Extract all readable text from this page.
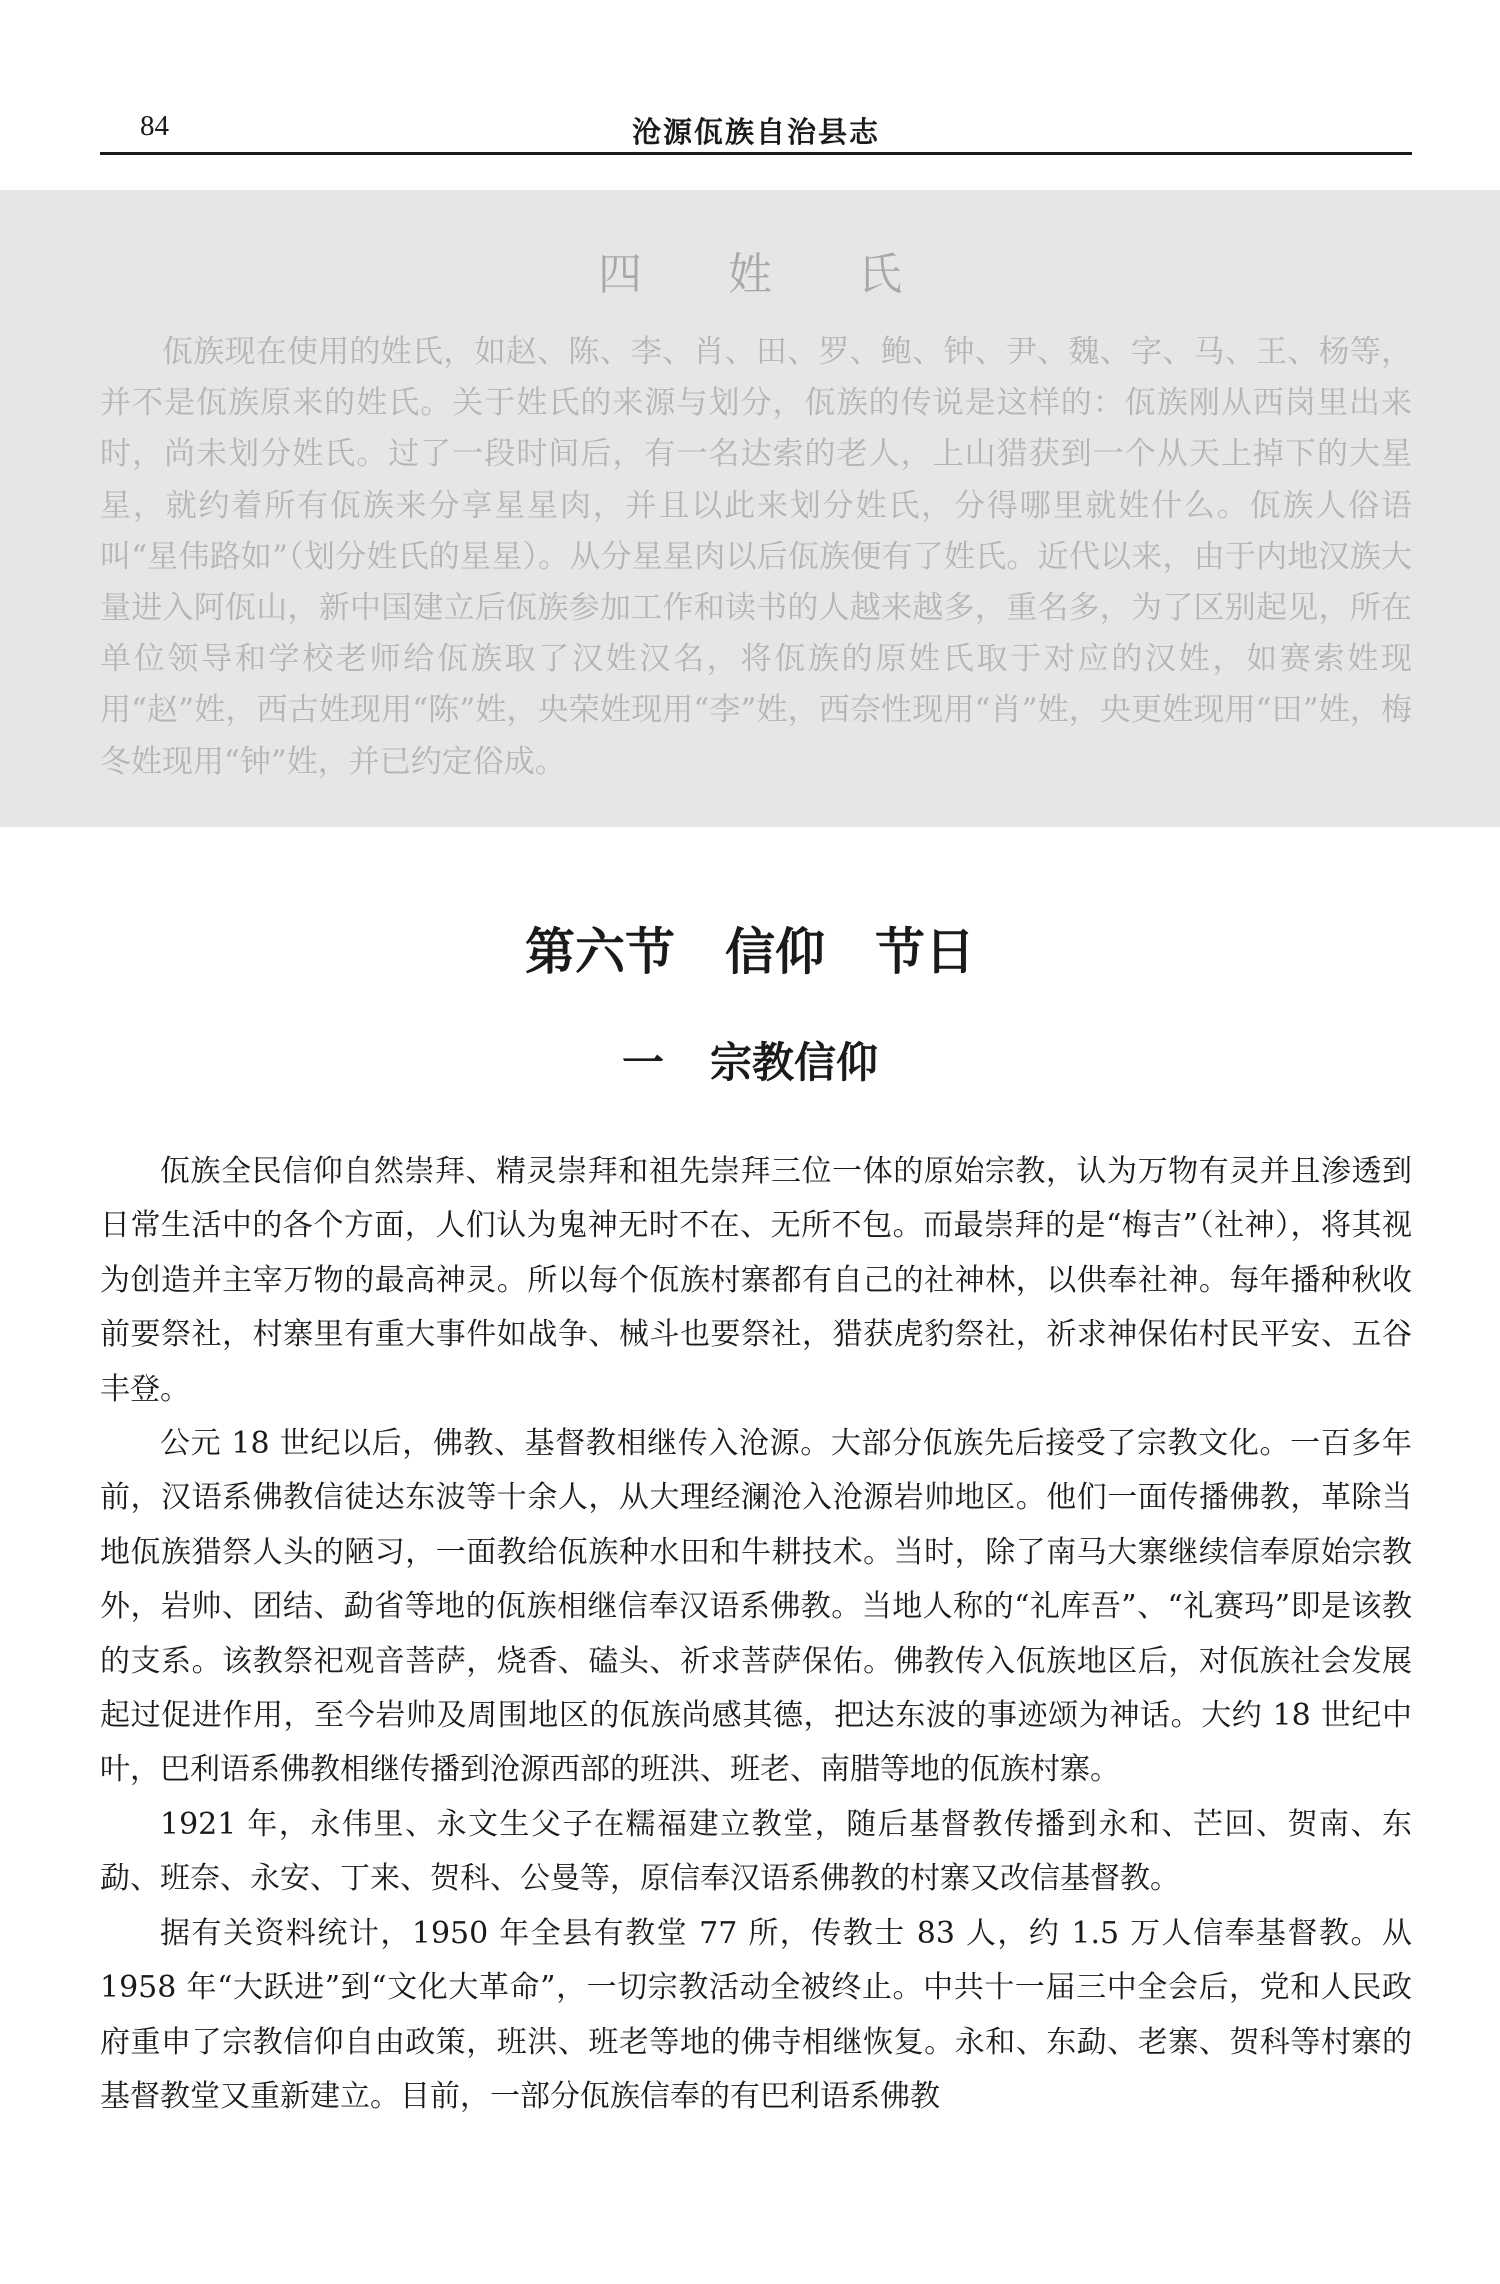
84	沧源佤族自治县志
四 姓 氏

佤族现在使用的姓氏，如赵、陈、李、肖、田、罗、鲍、钟、尹、魏、字、马、王、杨等，并不是佤族原来的姓氏。关于姓氏的来源与划分，佤族的传说是这样的：佤族刚从西岗里出来时，尚未划分姓氏。过了一段时间后，有一名达索的老人，上山猎获到一个从天上掉下的大星星，就约着所有佤族来分享星星肉，并且以此来划分姓氏，分得哪里就姓什么。佤族人俗语叫“星伟路如”（划分姓氏的星星）。从分星星肉以后佤族便有了姓氏。近代以来，由于内地汉族大量进入阿佤山，新中国建立后佤族参加工作和读书的人越来越多，重名多，为了区别起见，所在单位领导和学校老师给佤族取了汉姓汉名，将佤族的原姓氏取于对应的汉姓，如赛索姓现用“赵”姓，西古姓现用“陈”姓，央荣姓现用“李”姓，西奈性现用“肖”姓，央更姓现用“田”姓，梅冬姓现用“钟”姓，并已约定俗成。

第六节 信仰 节日
一 宗教信仰

佤族全民信仰自然崇拜、精灵崇拜和祖先崇拜三位一体的原始宗教，认为万物有灵并且渗透到日常生活中的各个方面，人们认为鬼神无时不在、无所不包。而最崇拜的是“梅吉”（社神），将其视为创造并主宰万物的最高神灵。所以每个佤族村寨都有自己的社神林，以供奉社神。每年播种秋收前要祭社，村寨里有重大事件如战争、械斗也要祭社，猎获虎豹祭社，祈求神保佑村民平安、五谷丰登。

公元 18 世纪以后，佛教、基督教相继传入沧源。大部分佤族先后接受了宗教文化。一百多年前，汉语系佛教信徒达东波等十余人，从大理经澜沧入沧源岩帅地区。他们一面传播佛教，革除当地佤族猎祭人头的陋习，一面教给佤族种水田和牛耕技术。当时，除了南马大寨继续信奉原始宗教外，岩帅、团结、勐省等地的佤族相继信奉汉语系佛教。当地人称的“礼库吾”、“礼赛玛”即是该教的支系。该教祭祀观音菩萨，烧香、磕头、祈求菩萨保佑。佛教传入佤族地区后，对佤族社会发展起过促进作用，至今岩帅及周围地区的佤族尚感其德，把达东波的事迹颂为神话。大约 18 世纪中叶，巴利语系佛教相继传播到沧源西部的班洪、班老、南腊等地的佤族村寨。

1921 年，永伟里、永文生父子在糯福建立教堂，随后基督教传播到永和、芒回、贺南、东勐、班奈、永安、丁来、贺科、公曼等，原信奉汉语系佛教的村寨又改信基督教。

据有关资料统计，1950 年全县有教堂 77 所，传教士 83 人，约 1.5 万人信奉基督教。从 1958 年“大跃进”到“文化大革命”，一切宗教活动全被终止。中共十一届三中全会后，党和人民政府重申了宗教信仰自由政策，班洪、班老等地的佛寺相继恢复。永和、东勐、老寨、贺科等村寨的基督教堂又重新建立。目前，一部分佤族信奉的有巴利语系佛教
